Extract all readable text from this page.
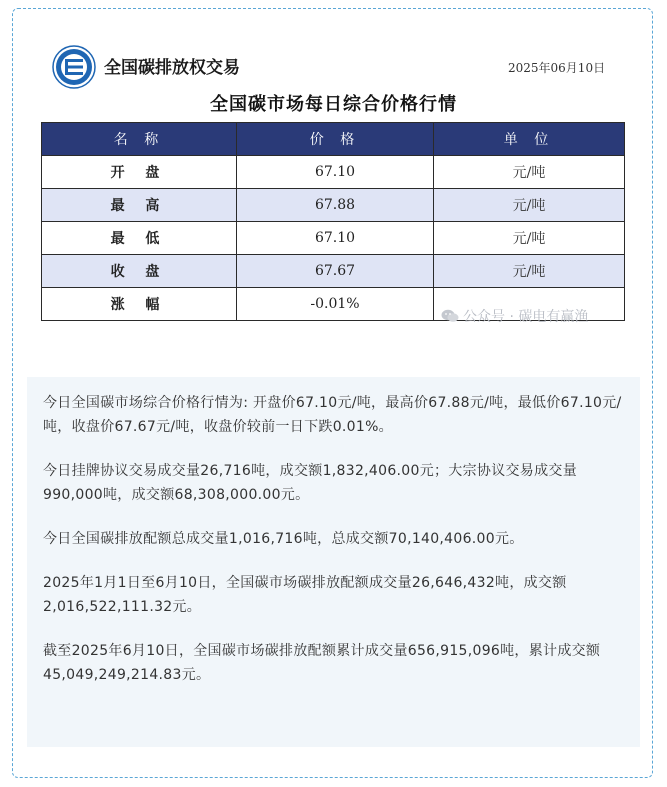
全国碳排放权交易	2025年06月10日
全国碳市场每日综合价格行情
名 称	价 格	单 位
开 盘	67.10	元/吨
最 高	67.88	元/吨
最 低	67.10	元/吨
收 盘	67.67	元/吨
涨 幅	-0.01%	
公众号 · 碳电有赢渔

今日全国碳市场综合价格行情为: 开盘价67.10元/吨，最高价67.88元/吨，最低价67.10元/吨，收盘价67.67元/吨，收盘价较前一日下跌0.01%。

今日挂牌协议交易成交量26,716吨，成交额1,832,406.00元；大宗协议交易成交量990,000吨，成交额68,308,000.00元。

今日全国碳排放配额总成交量1,016,716吨，总成交额70,140,406.00元。

2025年1月1日至6月10日，全国碳市场碳排放配额成交量26,646,432吨，成交额2,016,522,111.32元。

截至2025年6月10日，全国碳市场碳排放配额累计成交量656,915,096吨，累计成交额45,049,249,214.83元。
